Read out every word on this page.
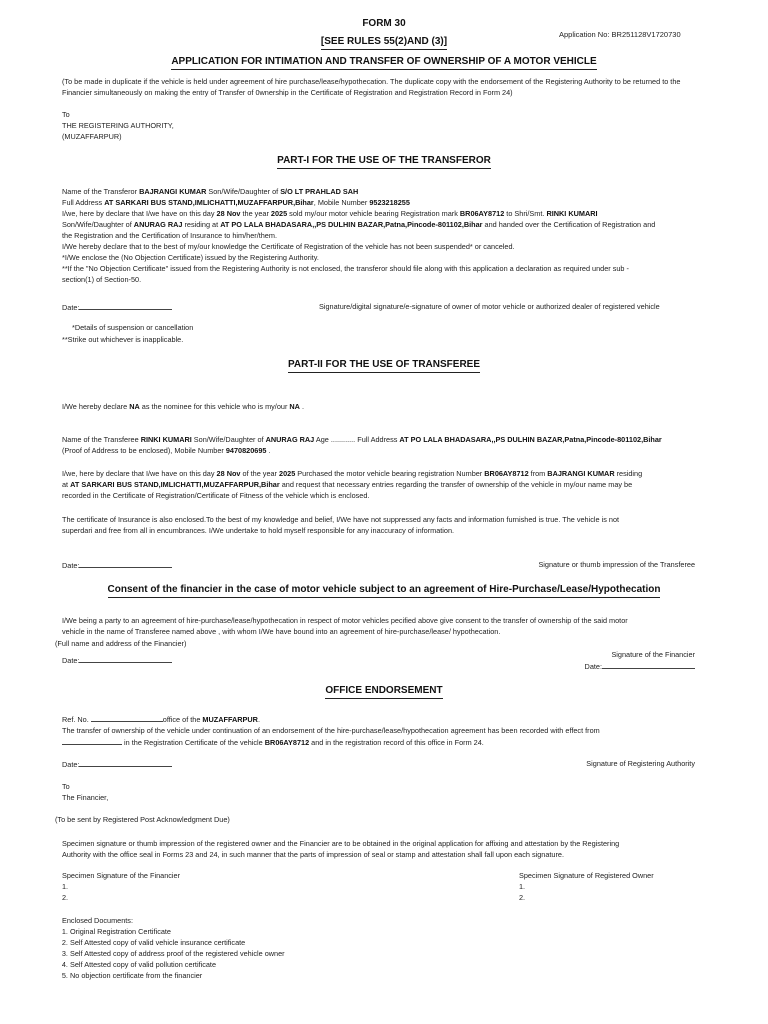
FORM 30
Application No: BR251128V1720730
[SEE RULES 55(2)AND (3)]
APPLICATION FOR INTIMATION AND TRANSFER OF OWNERSHIP OF A MOTOR VEHICLE
(To be made in duplicate if the vehicle is held under agreement of hire purchase/lease/hypothecation. The duplicate copy with the endorsement of the Registering Authority to be returned to the Financier simultaneously on making the entry of Transfer of 0wnership in the Certificate of Registration and Registration Record in Form 24)
To
THE REGISTERING AUTHORITY,
(MUZAFFARPUR)
PART-I FOR THE USE OF THE TRANSFEROR
Name of the Transferor BAJRANGI KUMAR Son/Wife/Daughter of S/O LT PRAHLAD SAH
Full Address AT SARKARI BUS STAND,IMLICHATTI,MUZAFFARPUR,Bihar, Mobile Number 9523218255
I/we, here by declare that I/we have on this day 28 Nov the year 2025 sold my/our motor vehicle bearing Registration mark BR06AY8712 to Shri/Smt. RINKI KUMARI
Son/Wife/Daughter of ANURAG RAJ residing at AT PO LALA BHADASARA,,PS DULHIN BAZAR,Patna,Pincode-801102,Bihar and handed over the Certification of Registration and
the Registration and the Certification of Insurance to him/her/them.
I/We hereby declare that to the best of my/our knowledge the Certificate of Registration of the vehicle has not been suspended* or canceled.
*I/We enclose the (No Objection Certificate) issued by the Registering Authority.
**If the "No Objection Certificate" issued from the Registering Authority is not enclosed, the transferor should file along with this application a declaration as required under sub -
section(1) of Section-50.
Date:	Signature/digital signature/e-signature of owner of motor vehicle or authorized dealer of registered vehicle
*Details of suspension or cancellation
**Strike out whichever is inapplicable.
PART-II FOR THE USE OF TRANSFEREE
I/We hereby declare NA as the nominee for this vehicle who is my/our NA .
Name of the Transferee RINKI KUMARI Son/Wife/Daughter of ANURAG RAJ Age ............ Full Address AT PO LALA BHADASARA,,PS DULHIN BAZAR,Patna,Pincode-801102,Bihar
(Proof of Address to be enclosed), Mobile Number 9470820695 .
I/we, here by declare that I/we have on this day 28 Nov of the year 2025 Purchased the motor vehicle bearing registration Number BR06AY8712 from BAJRANGI KUMAR residing
at AT SARKARI BUS STAND,IMLICHATTI,MUZAFFARPUR,Bihar and request that necessary entries regarding the transfer of ownership of the vehicle in my/our name may be
recorded in the Certificate of Registration/Certificate of Fitness of the vehicle which is enclosed.
The certificate of Insurance is also enclosed.To the best of my knowledge and belief, I/We have not suppressed any facts and information furnished is true. The vehicle is not
superdari and free from all in encumbrances. I/We undertake to hold myself responsible for any inaccuracy of information.
Date:	Signature or thumb impression of the Transferee
Consent of the financier in the case of motor vehicle subject to an agreement of Hire-Purchase/Lease/Hypothecation
I/We being a party to an agreement of hire-purchase/lease/hypothecation in respect of motor vehicles pecified above give consent to the transfer of ownership of the said motor
vehicle in the name of Transferee named above , with whom I/We have bound into an agreement of hire-purchase/lease/ hypothecation.
(Full name and address of the Financier)
Signature of the Financier
Date:
Date:
OFFICE ENDORSEMENT
Ref. No.	office of the MUZAFFARPUR.
The transfer of ownership of the vehicle under continuation of an endorsement of the hire-purchase/lease/hypothecation agreement has been recorded with effect from
in the Registration Certificate of the vehicle BR06AY8712 and in the registration record of this office in Form 24.
Date:	Signature of Registering Authority
To
The Financier,
(To be sent by Registered Post Acknowledgment Due)
Specimen signature or thumb impression of the registered owner and the Financier are to be obtained in the original application for affixing and attestation by the Registering
Authority with the office seal in Forms 23 and 24, in such manner that the parts of impression of seal or stamp and attestation shall fall upon each signature.
Specimen Signature of the Financier
1.
2.
Specimen Signature of Registered Owner
1.
2.
Enclosed Documents:
1. Original Registration Certificate
2. Self Attested copy of valid vehicle insurance certificate
3. Self Attested copy of address proof of the registered vehicle owner
4. Self Attested copy of valid pollution certificate
5. No objection certificate from the financier
